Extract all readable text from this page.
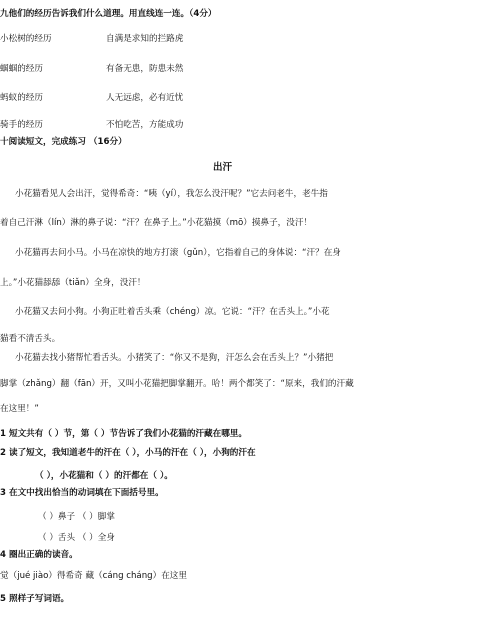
九他们的经历告诉我们什么道理。用直线连一连。（4分）
小松树的经历	自满是求知的拦路虎
蝈蝈的经历	有备无患，防患未然
蚂蚁的经历	人无远虑，必有近忧
骑手的经历	不怕吃苦，方能成功
十阅读短文，完成练习 （16分）
出汗
小花猫看见人会出汗，觉得希奇：“咦（yí），我怎么没汗呢？”它去问老牛，老牛指
着自己汗淋（lín）淋的鼻子说：“汗？在鼻子上。”小花猫摸（mō）摸鼻子，没汗！
小花猫再去问小马。小马在凉快的地方打滚（gǔn），它指着自己的身体说：“汗？在身
上。”小花猫舔舔（tiǎn）全身，没汗！
小花猫又去问小狗。小狗正吐着舌头乘（chéng）凉。它说：“汗？在舌头上。”小花
猫看不清舌头。
小花猫去找小猪帮忙看舌头。小猪笑了：“你又不是狗，汗怎么会在舌头上？”小猪把
脚掌（zhǎng）翻（fān）开，又叫小花猫把脚掌翻开。哈！两个都笑了：“原来，我们的汗藏
在这里！”
1 短文共有（ ）节，第（ ）节告诉了我们小花猫的汗藏在哪里。
2 读了短文，我知道老牛的汗在（ ），小马的汗在（ ），小狗的汗在
（ ），小花猫和（ ）的汗都在（ ）。
3 在文中找出恰当的动词填在下面括号里。
（ ）鼻子 （ ）脚掌
（ ）舌头 （ ）全身
4 圈出正确的读音。
觉（jué jiào）得希奇 藏（cáng cháng）在这里
5 照样子写词语。
